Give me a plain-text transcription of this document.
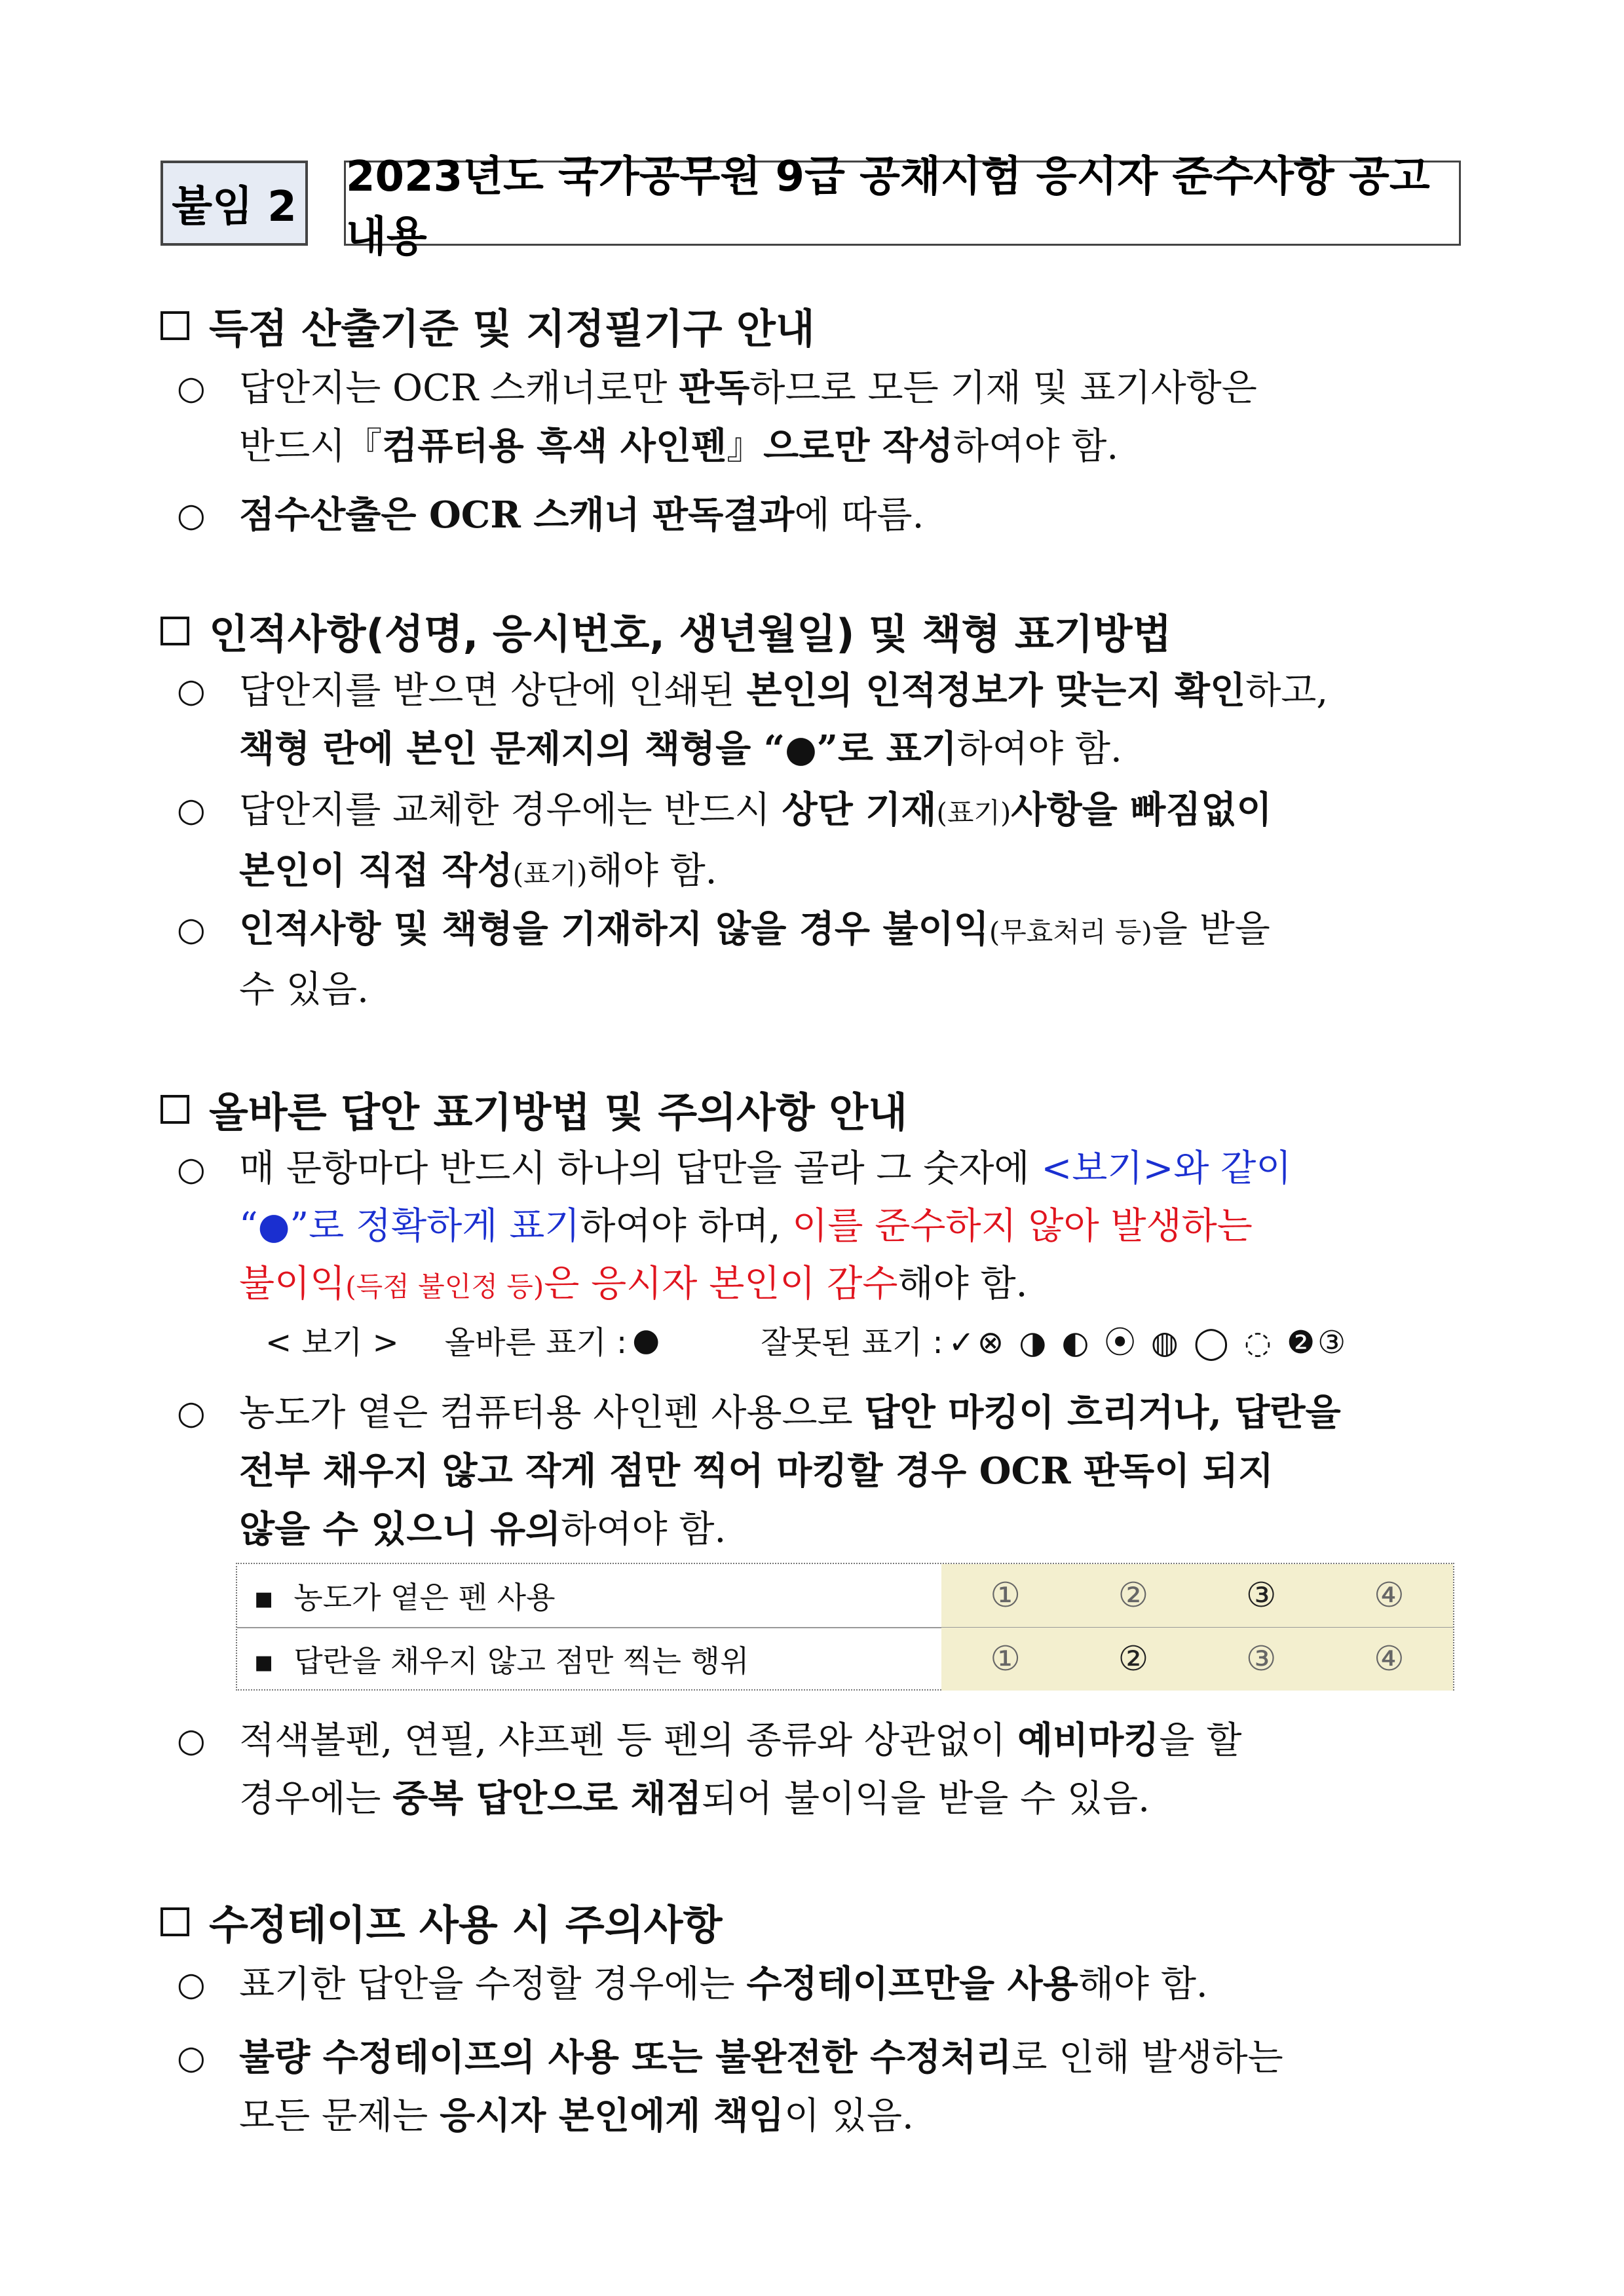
붙임 2
2023년도 국가공무원 9급 공채시험 응시자 준수사항 공고내용
득점 산출기준 및 지정필기구 안내
○ 답안지는 OCR 스캐너로만 판독하므로 모든 기재 및 표기사항은
반드시『컴퓨터용 흑색 사인펜』으로만 작성하여야 함.
○ 점수산출은 OCR 스캐너 판독결과에 따름.
인적사항(성명, 응시번호, 생년월일) 및 책형 표기방법
○ 답안지를 받으면 상단에 인쇄된 본인의 인적정보가 맞는지 확인하고,
책형 란에 본인 문제지의 책형을 “●”로 표기하여야 함.
○ 답안지를 교체한 경우에는 반드시 상단 기재(표기)사항을 빠짐없이
본인이 직접 작성(표기)해야 함.
○ 인적사항 및 책형을 기재하지 않을 경우 불이익(무효처리 등)을 받을
수 있음.
올바른 답안 표기방법 및 주의사항 안내
○ 매 문항마다 반드시 하나의 답만을 골라 그 숫자에 <보기>와 같이
“●”로 정확하게 표기하여야 하며, 이를 준수하지 않아 발생하는
불이익(득점 불인정 등)은 응시자 본인이 감수해야 함.
< 보기 > 올바른 표기 : ●	잘못된 표기 : ✓⊗ ◑ ◐ ⦿ ◍ ◯ ◌ ❷③
○ 농도가 옅은 컴퓨터용 사인펜 사용으로 답안 마킹이 흐리거나, 답란을
전부 채우지 않고 작게 점만 찍어 마킹할 경우 OCR 판독이 되지
않을 수 있으니 유의하여야 함.
▪ 농도가 옅은 펜 사용	①	②	③	④
▪ 답란을 채우지 않고 점만 찍는 행위	①	②	③	④
○ 적색볼펜, 연필, 샤프펜 등 펜의 종류와 상관없이 예비마킹을 할
경우에는 중복 답안으로 채점되어 불이익을 받을 수 있음.
수정테이프 사용 시 주의사항
○ 표기한 답안을 수정할 경우에는 수정테이프만을 사용해야 함.
○ 불량 수정테이프의 사용 또는 불완전한 수정처리로 인해 발생하는
모든 문제는 응시자 본인에게 책임이 있음.
